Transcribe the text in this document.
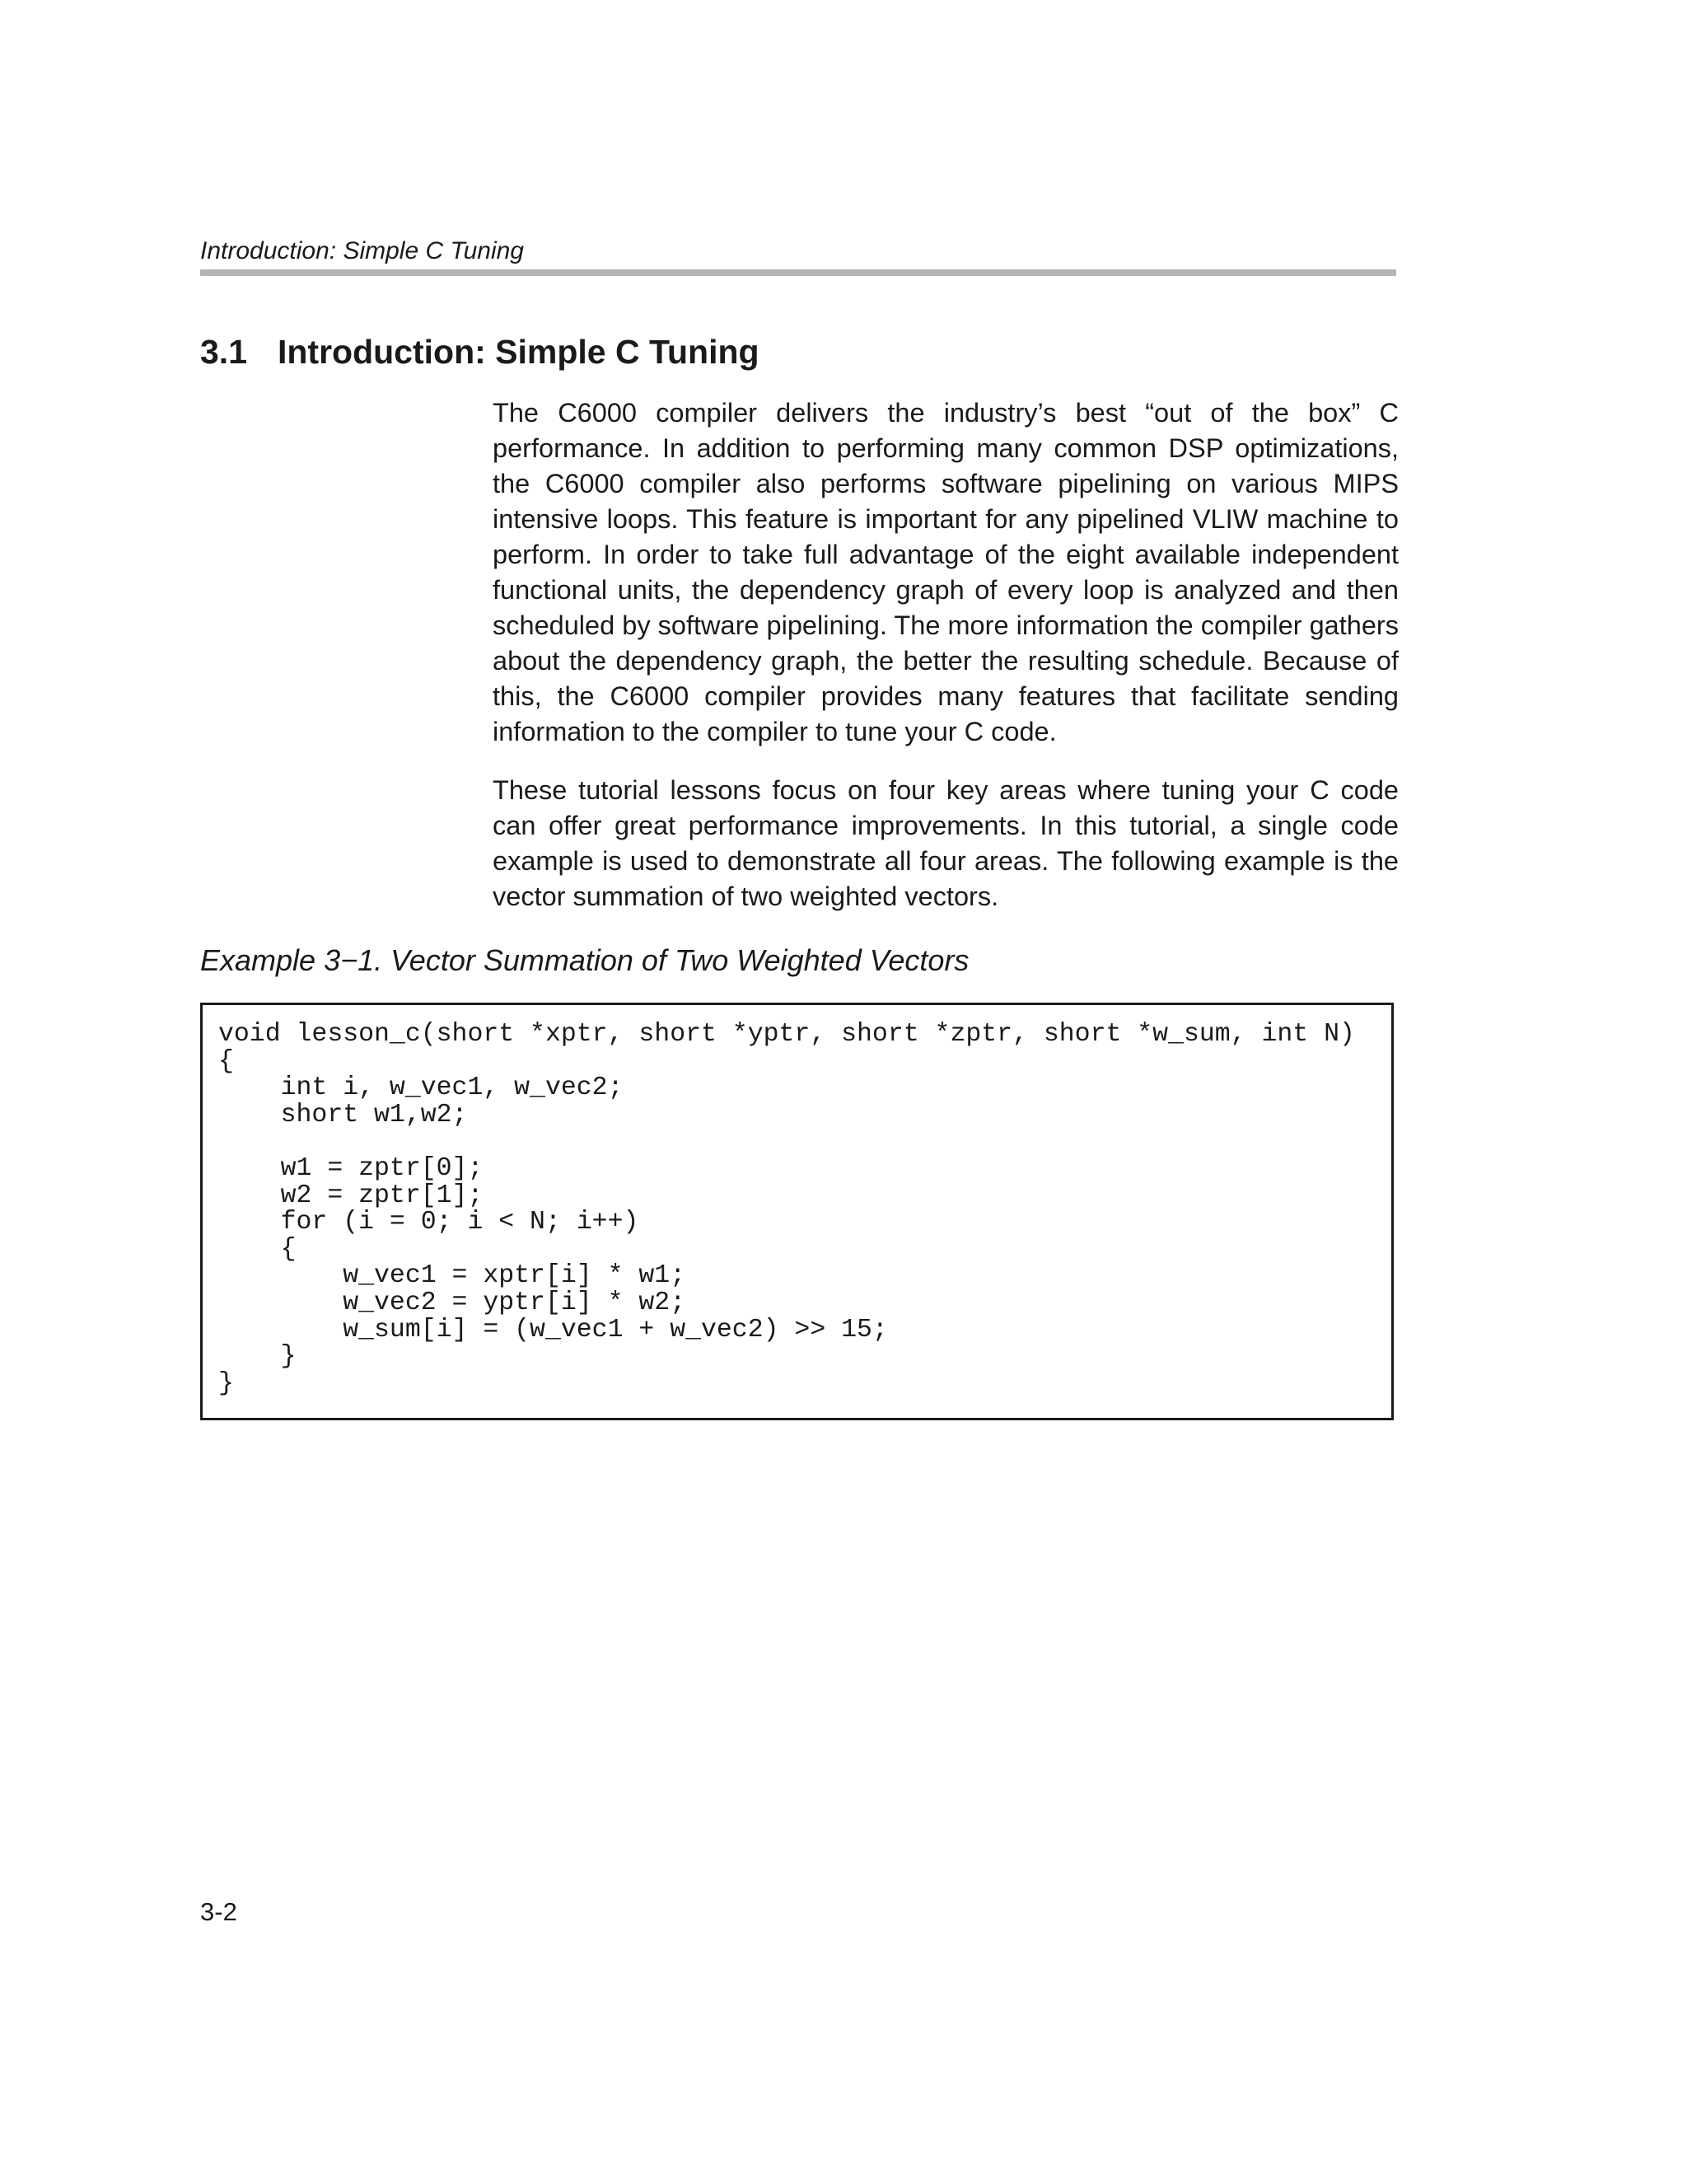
Introduction: Simple C Tuning
3.1 Introduction: Simple C Tuning

The C6000 compiler delivers the industry’s best “out of the box” C performance. In addition to performing many common DSP optimizations, the C6000 compiler also performs software pipelining on various MIPS intensive loops. This feature is important for any pipelined VLIW machine to perform. In order to take full advantage of the eight available independent functional units, the dependency graph of every loop is analyzed and then scheduled by software pipelining. The more information the compiler gathers about the dependency graph, the better the resulting schedule. Because of this, the C6000 compiler provides many features that facilitate sending information to the compiler to tune your C code.

These tutorial lessons focus on four key areas where tuning your C code can offer great performance improvements. In this tutorial, a single code example is used to demonstrate all four areas. The following example is the vector summation of two weighted vectors.

Example 3−1. Vector Summation of Two Weighted Vectors
void lesson_c(short *xptr, short *yptr, short *zptr, short *w_sum, int N)
{
int i, w_vec1, w_vec2;
short w1,w2;

w1 = zptr[0];
w2 = zptr[1];
for (i = 0; i < N; i++)
{
w_vec1 = xptr[i] * w1;
w_vec2 = yptr[i] * w2;
w_sum[i] = (w_vec1 + w_vec2) >> 15;
}
}
3-2
